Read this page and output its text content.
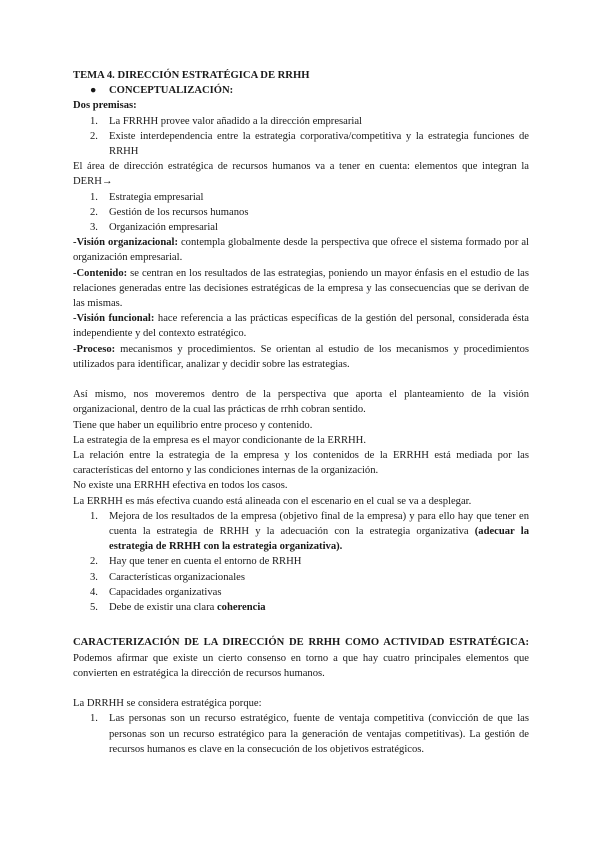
TEMA 4. DIRECCIÓN ESTRATÉGICA DE RRHH

● CONCEPTUALIZACIÓN:

Dos premisas:

1. La FRRHH provee valor añadido a la dirección empresarial
2. Existe interdependencia entre la estrategia corporativa/competitiva y la estrategia funciones de RRHH

El área de dirección estratégica de recursos humanos va a tener en cuenta: elementos que integran la DERH→

1. Estrategia empresarial
2. Gestión de los recursos humanos
3. Organización empresarial

-Visión organizacional: contempla globalmente desde la perspectiva que ofrece el sistema formado por al organización empresarial.

-Contenido: se centran en los resultados de las estrategias, poniendo un mayor énfasis en el estudio de las relaciones generadas entre las decisiones estratégicas de la empresa y las consecuencias que se derivan de las mismas.

-Visión funcional: hace referencia a las prácticas específicas de la gestión del personal, considerada ésta independiente y del contexto estratégico.

-Proceso: mecanismos y procedimientos. Se orientan al estudio de los mecanismos y procedimientos utilizados para identificar, analizar y decidir sobre las estrategias.

Así mismo, nos moveremos dentro de la perspectiva que aporta el planteamiento de la visión organizacional, dentro de la cual las prácticas de rrhh cobran sentido.

Tiene que haber un equilibrio entre proceso y contenido.

La estrategia de la empresa es el mayor condicionante de la ERRHH.

La relación entre la estrategia de la empresa y los contenidos de la ERRHH está mediada por las características del entorno y las condiciones internas de la organización.

No existe una ERRHH efectiva en todos los casos.

La ERRHH es más efectiva cuando está alineada con el escenario en el cual se va a desplegar.

1. Mejora de los resultados de la empresa (objetivo final de la empresa) y para ello hay que tener en cuenta la estrategia de RRHH y la adecuación con la estrategia organizativa (adecuar la estrategia de RRHH con la estrategia organizativa).
2. Hay que tener en cuenta el entorno de RRHH
3. Características organizacionales
4. Capacidades organizativas
5. Debe de existir una clara coherencia

CARACTERIZACIÓN DE LA DIRECCIÓN DE RRHH COMO ACTIVIDAD ESTRATÉGICA: Podemos afirmar que existe un cierto consenso en torno a que hay cuatro principales elementos que convierten en estratégica la dirección de recursos humanos.

La DRRHH se considera estratégica porque:

1. Las personas son un recurso estratégico, fuente de ventaja competitiva (convicción de que las personas son un recurso estratégico para la generación de ventajas competitivas). La gestión de recursos humanos es clave en la consecución de los objetivos estratégicos.
